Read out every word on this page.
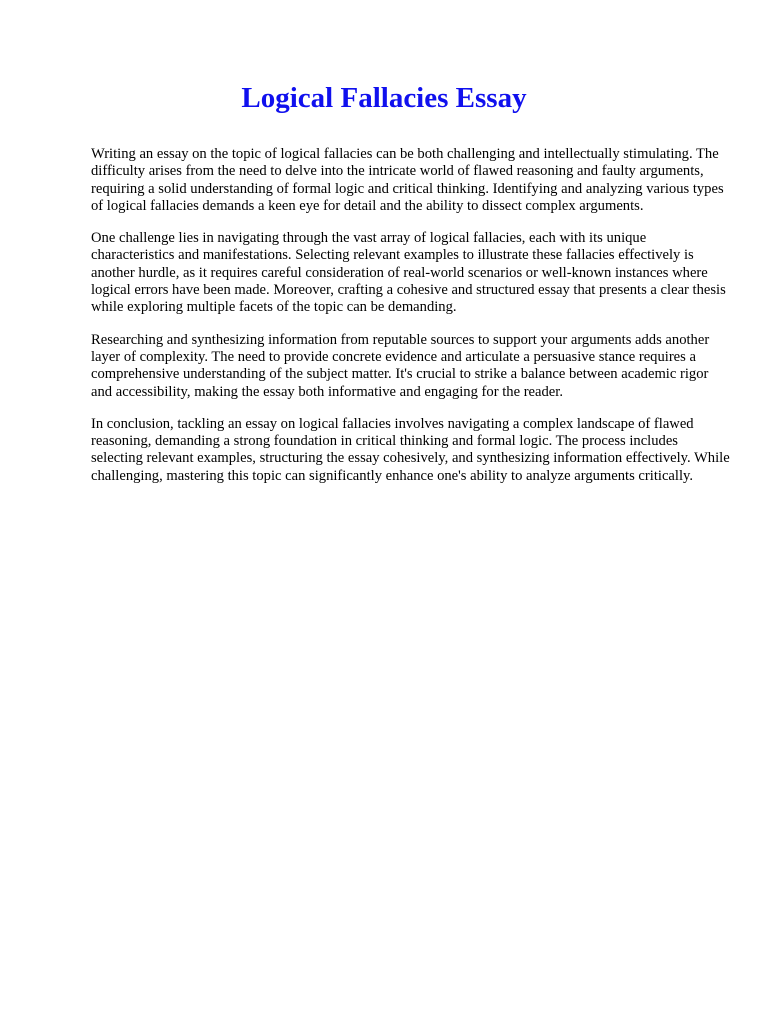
Logical Fallacies Essay

Writing an essay on the topic of logical fallacies can be both challenging and intellectually stimulating. The difficulty arises from the need to delve into the intricate world of flawed reasoning and faulty arguments, requiring a solid understanding of formal logic and critical thinking. Identifying and analyzing various types of logical fallacies demands a keen eye for detail and the ability to dissect complex arguments.

One challenge lies in navigating through the vast array of logical fallacies, each with its unique characteristics and manifestations. Selecting relevant examples to illustrate these fallacies effectively is another hurdle, as it requires careful consideration of real-world scenarios or well-known instances where logical errors have been made. Moreover, crafting a cohesive and structured essay that presents a clear thesis while exploring multiple facets of the topic can be demanding.

Researching and synthesizing information from reputable sources to support your arguments adds another layer of complexity. The need to provide concrete evidence and articulate a persuasive stance requires a comprehensive understanding of the subject matter. It's crucial to strike a balance between academic rigor and accessibility, making the essay both informative and engaging for the reader.

In conclusion, tackling an essay on logical fallacies involves navigating a complex landscape of flawed reasoning, demanding a strong foundation in critical thinking and formal logic. The process includes selecting relevant examples, structuring the essay cohesively, and synthesizing information effectively. While challenging, mastering this topic can significantly enhance one's ability to analyze arguments critically.
